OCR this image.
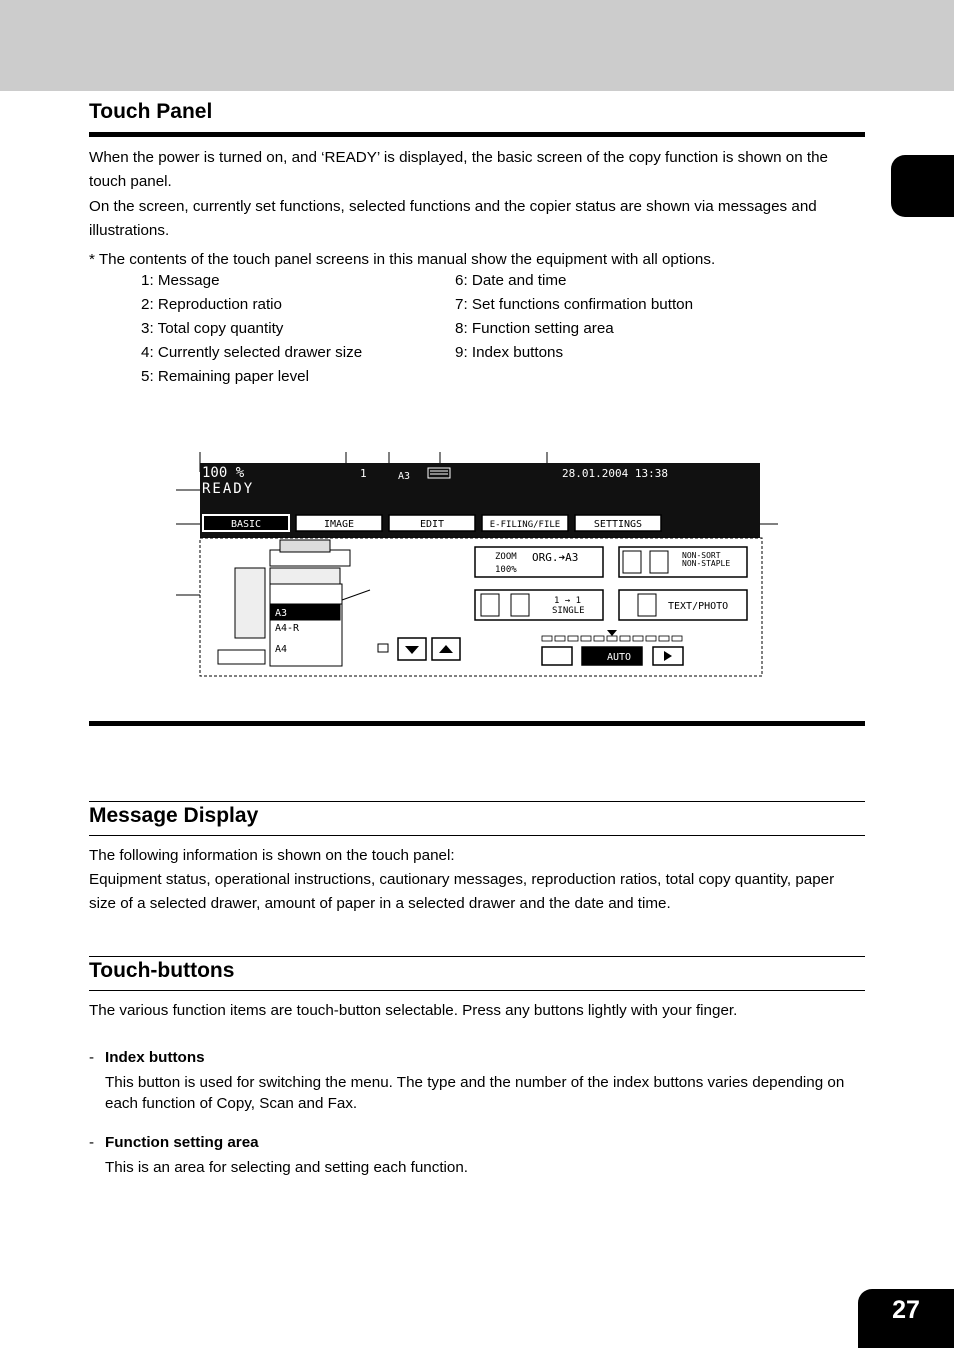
27
Touch Panel

When the power is turned on, and ‘READY’ is displayed, the basic screen of the copy function is shown on the touch panel.

On the screen, currently set functions, selected functions and the copier status are shown via messages and illustrations.

* The contents of the touch panel screens in this manual show the equipment with all options.

1: Message
2: Reproduction ratio
3: Total copy quantity
4: Currently selected drawer size
5: Remaining paper level
6: Date and time
7: Set functions confirmation button
8: Function setting area
9: Index buttons
100 %
READY
1	A3	28.01.2004 13:38
BASIC	IMAGE	EDIT	E-FILING/FILE	SETTINGS
A3
A4-R
A4
ZOOM
100%
ORG.➜A3	NON-SORT
NON-STAPLE
1 → 1
SINGLE	TEXT/PHOTO
AUTO
Message Display

The following information is shown on the touch panel:

Equipment status, operational instructions, cautionary messages, reproduction ratios, total copy quantity, paper size of a selected drawer, amount of paper in a selected drawer and the date and time.

Touch-buttons

The various function items are touch-button selectable. Press any buttons lightly with your finger.

- Index buttons

This button is used for switching the menu. The type and the number of the index buttons varies depending on each function of Copy, Scan and Fax.

- Function setting area

This is an area for selecting and setting each function.
